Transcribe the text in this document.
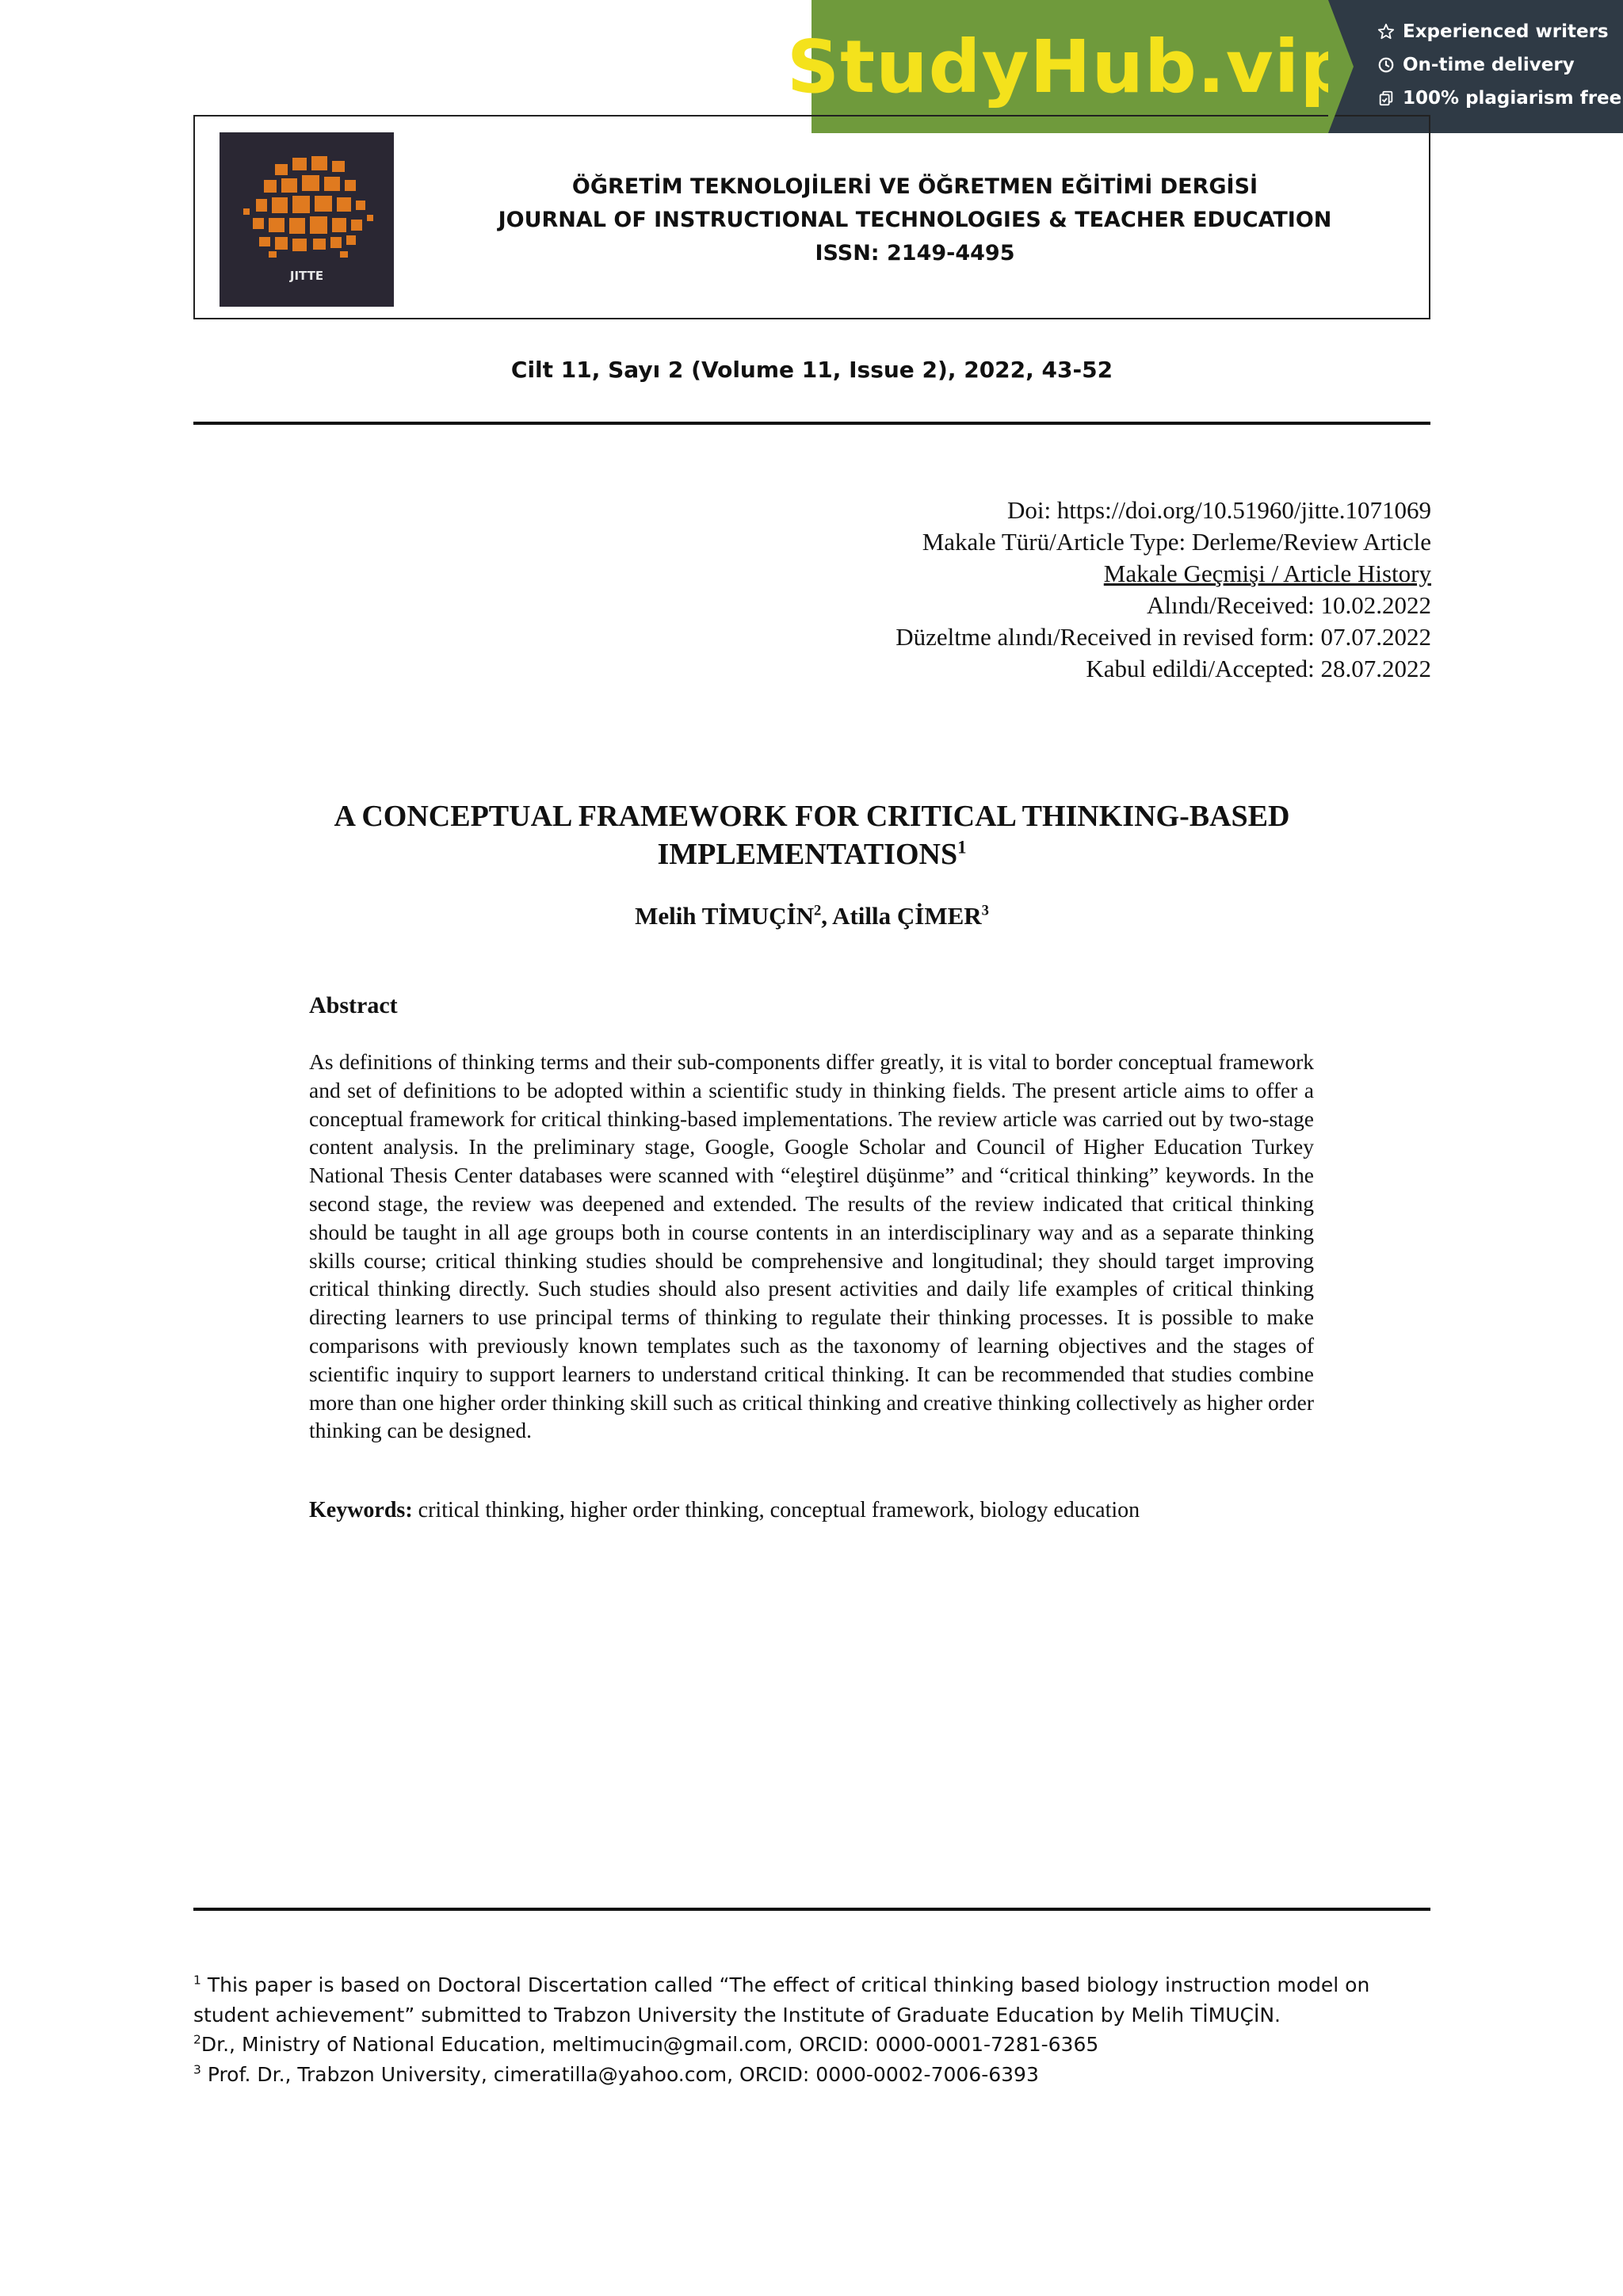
StudyHub.vip	Experienced writers
On-time delivery
100% plagiarism free
JITTE
ÖĞRETİM TEKNOLOJİLERİ VE ÖĞRETMEN EĞİTİMİ DERGİSİ
JOURNAL OF INSTRUCTIONAL TECHNOLOGIES & TEACHER EDUCATION
ISSN: 2149-4495
Cilt 11, Sayı 2 (Volume 11, Issue 2), 2022, 43-52
Doi: https://doi.org/10.51960/jitte.1071069
Makale Türü/Article Type: Derleme/Review Article
Makale Geçmişi / Article History
Alındı/Received: 10.02.2022
Düzeltme alındı/Received in revised form: 07.07.2022
Kabul edildi/Accepted: 28.07.2022
A CONCEPTUAL FRAMEWORK FOR CRITICAL THINKING-BASED
IMPLEMENTATIONS$^1$
Melih TİMUÇİN$^2$, Atilla ÇİMER$^3$
Abstract
As definitions of thinking terms and their sub-components differ greatly, it is vital to border conceptual framework and set of definitions to be adopted within a scientific study in thinking fields. The present article aims to offer a conceptual framework for critical thinking-based implementations. The review article was carried out by two-stage content analysis. In the preliminary stage, Google, Google Scholar and Council of Higher Education Turkey National Thesis Center databases were scanned with “eleştirel düşünme” and “critical thinking” keywords. In the second stage, the review was deepened and extended. The results of the review indicated that critical thinking should be taught in all age groups both in course contents in an interdisciplinary way and as a separate thinking skills course; critical thinking studies should be comprehensive and longitudinal; they should target improving critical thinking directly. Such studies should also present activities and daily life examples of critical thinking directing learners to use principal terms of thinking to regulate their thinking processes. It is possible to make comparisons with previously known templates such as the taxonomy of learning objectives and the stages of scientific inquiry to support learners to understand critical thinking. It can be recommended that studies combine more than one higher order thinking skill such as critical thinking and creative thinking collectively as higher order thinking can be designed.
Keywords: critical thinking, higher order thinking, conceptual framework, biology education
$^1$ This paper is based on Doctoral Discertation called “The effect of critical thinking based biology instruction model on student achievement” submitted to Trabzon University the Institute of Graduate Education by Melih TİMUÇİN.
$^2$Dr., Ministry of National Education, meltimucin@gmail.com, ORCID: 0000-0001-7281-6365
$^3$ Prof. Dr., Trabzon University, cimeratilla@yahoo.com, ORCID: 0000-0002-7006-6393
